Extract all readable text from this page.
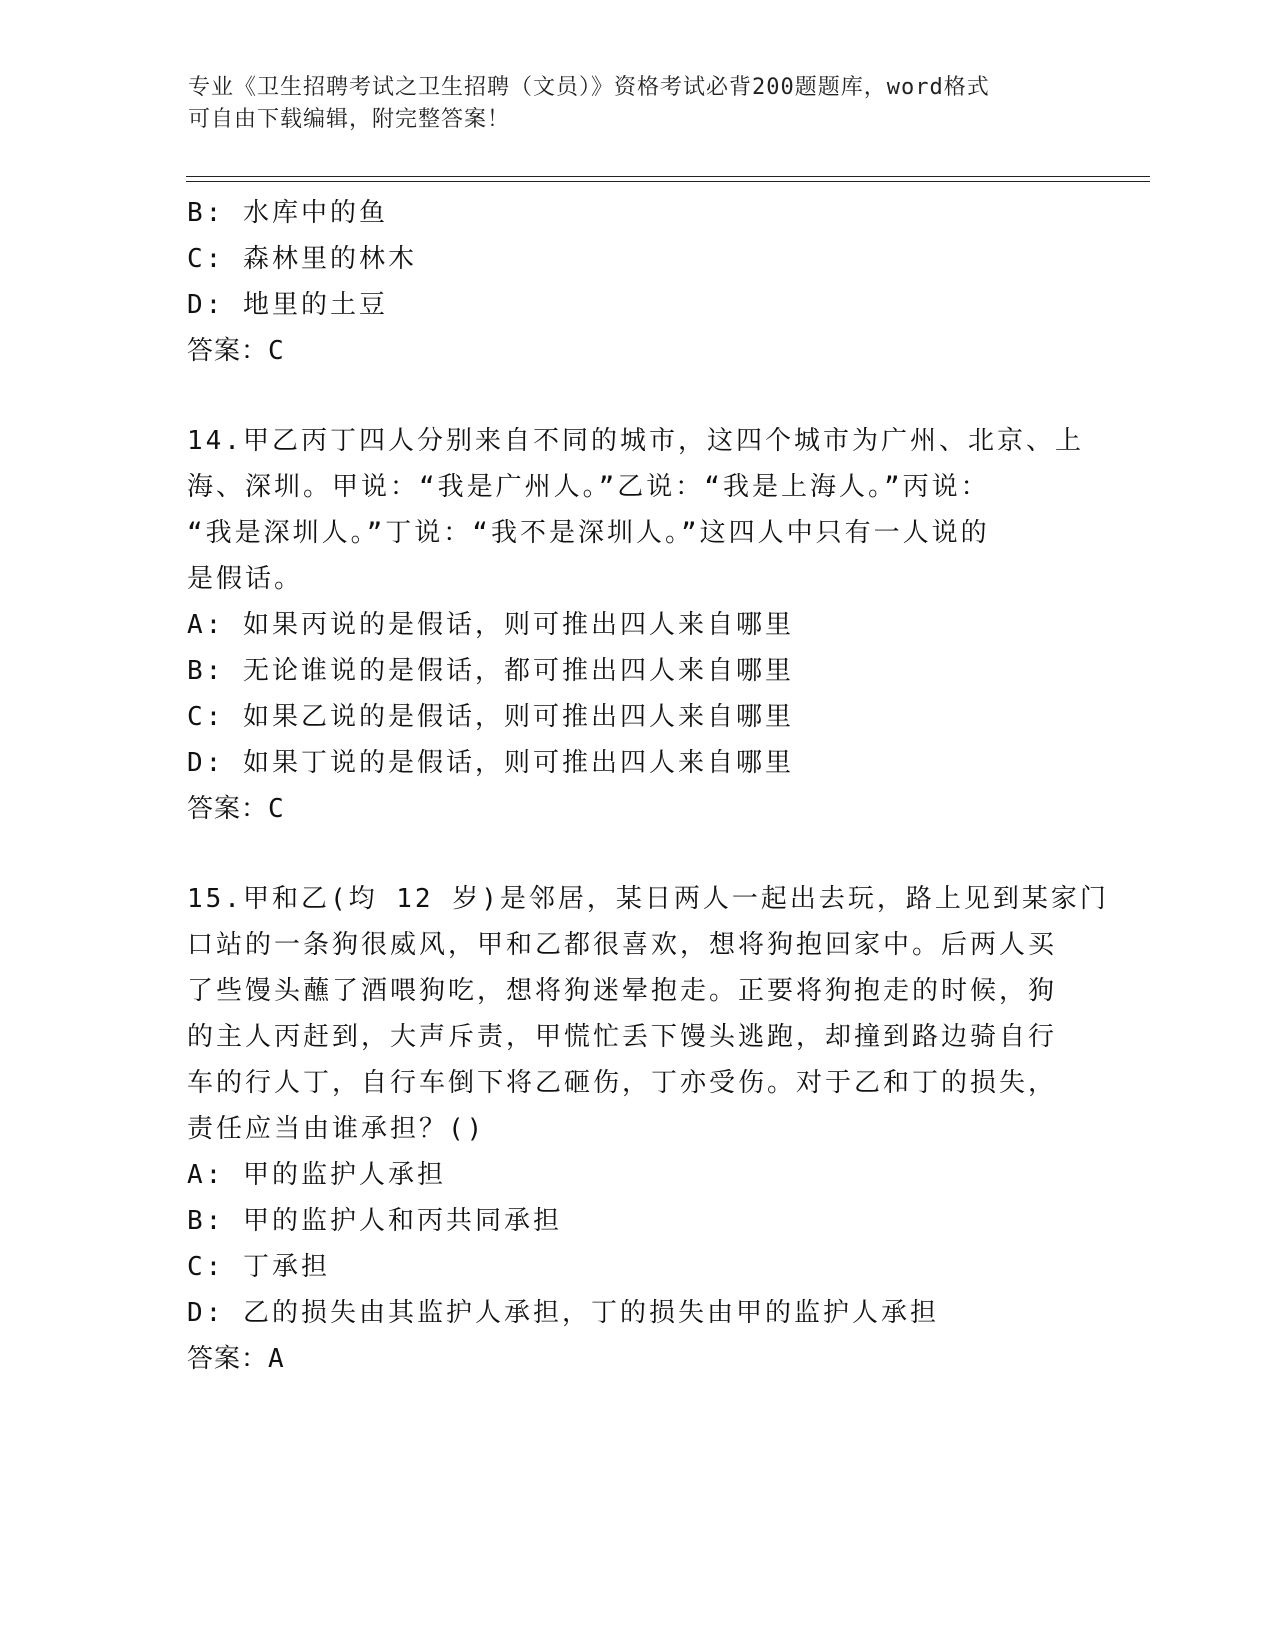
专业《卫生招聘考试之卫生招聘（文员）》资格考试必背200题题库，word格式
可自由下载编辑，附完整答案！
B: 水库中的鱼
C: 森林里的林木
D: 地里的土豆
答案：C
14.甲乙丙丁四人分别来自不同的城市，这四个城市为广州、北京、上
海、深圳。甲说：“我是广州人。”乙说：“我是上海人。”丙说：
“我是深圳人。”丁说：“我不是深圳人。”这四人中只有一人说的
是假话。
A: 如果丙说的是假话，则可推出四人来自哪里
B: 无论谁说的是假话，都可推出四人来自哪里
C: 如果乙说的是假话，则可推出四人来自哪里
D: 如果丁说的是假话，则可推出四人来自哪里
答案：C
15.甲和乙(均 12 岁)是邻居，某日两人一起出去玩，路上见到某家门
口站的一条狗很威风，甲和乙都很喜欢，想将狗抱回家中。后两人买
了些馒头蘸了酒喂狗吃，想将狗迷晕抱走。正要将狗抱走的时候，狗
的主人丙赶到，大声斥责，甲慌忙丢下馒头逃跑，却撞到路边骑自行
车的行人丁，自行车倒下将乙砸伤，丁亦受伤。对于乙和丁的损失，
责任应当由谁承担？()
A: 甲的监护人承担
B: 甲的监护人和丙共同承担
C: 丁承担
D: 乙的损失由其监护人承担，丁的损失由甲的监护人承担
答案：A
